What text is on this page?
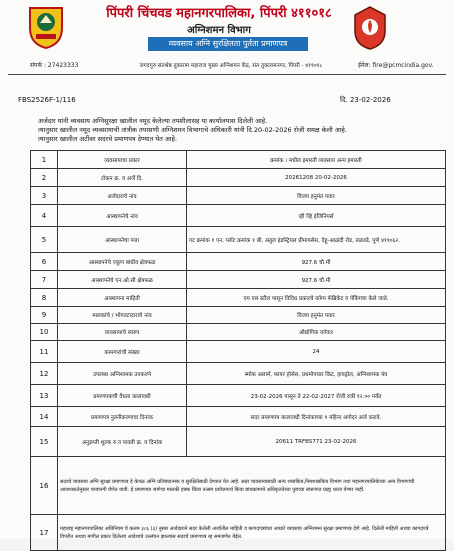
पिंपरी चिंचवड महानगरपालिका, पिंपरी ४११०१८
अग्निशमन विभाग
व्यवसाय अग्नि सुरक्षितता पुर्तता प्रमाणपत्र
संपर्क : 27423333	जगदगुरु संतश्रेष्ठ तुकाराम महाराज मुख्य अग्निशमन केंद्र, संत तुकारामनगर, पिंपरी - ४११०१८	ईमेल: fire@pcmcindia.gov.
FBS2526F-1/116	दि. 23-02-2026
अर्जदार यांनी व्यवसाय अग्निसुरक्षा खालील नमूद केलेल्या तपशीलासह या कार्यालयास दिलेली आहे.
त्यानुसार खालील नमूद व्यवसायाची तांत्रीक तपासणी अग्निशमन विभागाचे अधिकारी यांनी दि.20-02-2026 रोजी समक्ष केली आहे.
त्यानुसार खालील अटींवर सदरचे प्रमाणपत्र देण्यात येत आहे.
1	व्यवसायाचा प्रकार	क्रमांक । मधील इमारती व्यवसाय अन्य इमारती
2	टोकन क्र. व अर्जे दि.	20261208 20-02-2026
3	अर्जदाराचे नांव	विजय हनुमंत पवार
4	आस्थापनेचे नांव	व्ही व्हि इंजिनियर्स
5	आस्थापनेचा पत्ता	गट क्रमांक १ एन. प्लॉट क्रमांक १ बी, अतुल इंडस्ट्रियल प्रीमायसेस, देहू-आळंदी रोड, तळवडे, पुणे ४११०६२.
6	आस्थापनेचे एकूण बांधीव क्षेत्रफळ	927.6 चौ.मी
7	आस्थापनेचे एन.ओ.सी क्षेत्रफळ	927.6 चौ.मी
8	आस्थापना माहिती	एम एस स्टील पासून विविध प्रकारचे कॉम्प फॅब्रिकेट व पॅकिंगचा केले जाते.
9	मालकांचे / भोगवटादाराचे नांव	विजय हनुमंत पवार
10	व्यवसायाचे स्वरुप	औद्योगिक वर्गवार
11	कामगारांची संख्या	24
12	उपलब्ध अग्निशामक उपकरणे	स्मोक अलार्म, फायर होसेस, प्रथमोपचार किट, हायड्रोल, अग्निशामक यंत्र
13	प्रमाणपत्राची वैधता कालावधी	23-02-2026 पासून ते 22-02-2027 रोजी रात्री १२.०० पर्यंत
14	प्रमाणपत्र नुतनीकरणाचा दिनांक	सदर प्रमाणपत्र कालावधी दिनांकाच्या १ महिना अगोदर अर्ज करावे.
15	अनुज्ञप्ती शुल्क रु.व पावती क्र. व दिनांक	20611 TRFBS771 23-02-2026
16	सदरचे व्यवसाय अग्नि सुरक्षा प्रमाणपत्र हे केवळ अग्नि प्रतिबंधात्मक व सुरक्षितेसाठी देण्यात येत आहे. सदर व्यवसायासाठी अन्य शासकिय,निमशासकिय विभाग तथा महानगरपालिकेच्या अन्य विभागांची आवश्यकतेनुसार परवानगी घेणेत यावी. हे प्रमाणपत्र जागेचा मालकी हक्क किंवा तत्सम प्रयोजनार्थ किंवा बांधकामाचे अधिकृततेच्या पुराव्या स्वरूपात ग्राह्य धरता येणार नाही.	
17	महाराष्ट्र महानगरपालिका अधिनियम चे कलम ३८६ (३) नुसार अर्जदाराने सदर केलेली अर्जातील माहिती व कागदपत्रांच्या आधारे व्यवसाय अग्निशमन सुरक्षा प्रमाणपत्र देणे आहे. दिलेली माहिती अथवा कागदपत्रे विपरीत अथवा मागील प्रकार दिलेल्या आदेशाचे उल्लंघन झाल्यास सदरचे प्रमाणपत्र रद्द समजणेत येईल.	
